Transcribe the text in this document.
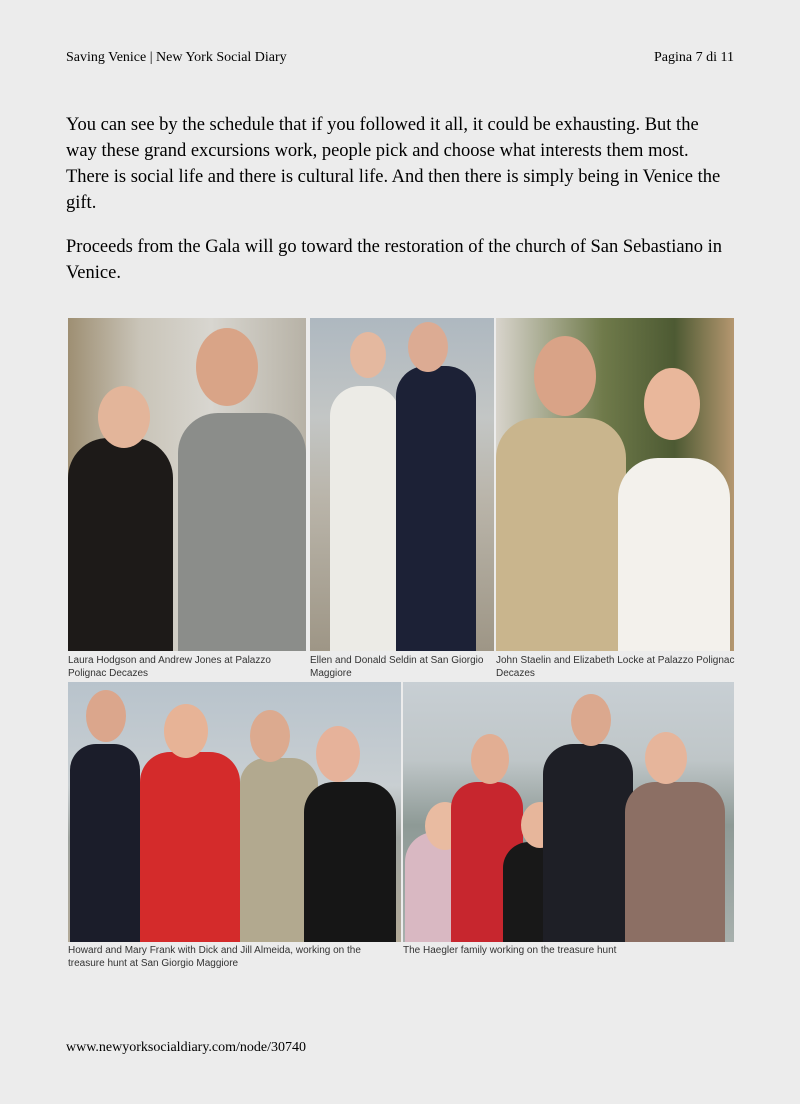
Saving Venice | New York Social Diary	Pagina 7 di 11

You can see by the schedule that if you followed it all, it could be exhausting. But the way these grand excursions work, people pick and choose what interests them most. There is social life and there is cultural life. And then there is simply being in Venice the gift.

Proceeds from the Gala will go toward the restoration of the church of San Sebastiano in Venice.

Laura Hodgson and Andrew Jones at Palazzo Polignac Decazes
Ellen and Donald Seldin at San Giorgio Maggiore
John Staelin and Elizabeth Locke at Palazzo Polignac Decazes
Howard and Mary Frank with Dick and Jill Almeida, working on the treasure hunt at San Giorgio Maggiore
The Haegler family working on the treasure hunt
www.newyorksocialdiary.com/node/30740
